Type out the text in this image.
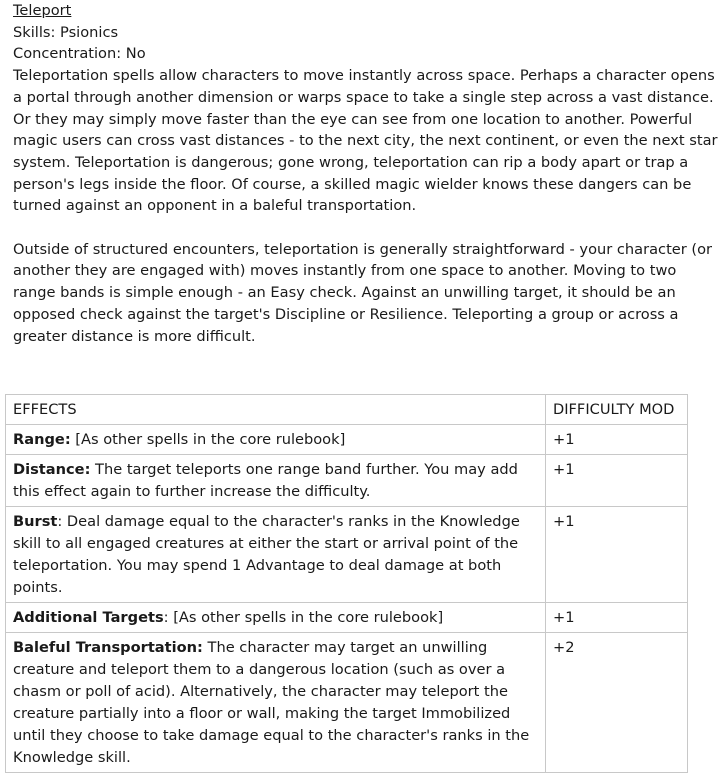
Teleport
Skills: Psionics
Concentration: No
Teleportation spells allow characters to move instantly across space. Perhaps a character opens
a portal through another dimension or warps space to take a single step across a vast distance.
Or they may simply move faster than the eye can see from one location to another. Powerful
magic users can cross vast distances - to the next city, the next continent, or even the next star
system. Teleportation is dangerous; gone wrong, teleportation can rip a body apart or trap a
person's legs inside the floor. Of course, a skilled magic wielder knows these dangers can be
turned against an opponent in a baleful transportation.
Outside of structured encounters, teleportation is generally straightforward - your character (or
another they are engaged with) moves instantly from one space to another. Moving to two
range bands is simple enough - an Easy check. Against an unwilling target, it should be an
opposed check against the target's Discipline or Resilience. Teleporting a group or across a
greater distance is more difficult.
EFFECTS	DIFFICULTY MOD
Range: [As other spells in the core rulebook]	+1
Distance: The target teleports one range band further. You may add this effect again to further increase the difficulty.	+1
Burst: Deal damage equal to the character's ranks in the Knowledge skill to all engaged creatures at either the start or arrival point of the teleportation. You may spend 1 Advantage to deal damage at both points.	+1
Additional Targets: [As other spells in the core rulebook]	+1
Baleful Transportation: The character may target an unwilling creature and teleport them to a dangerous location (such as over a chasm or poll of acid). Alternatively, the character may teleport the creature partially into a floor or wall, making the target Immobilized until they choose to take damage equal to the character's ranks in the Knowledge skill.	+2
